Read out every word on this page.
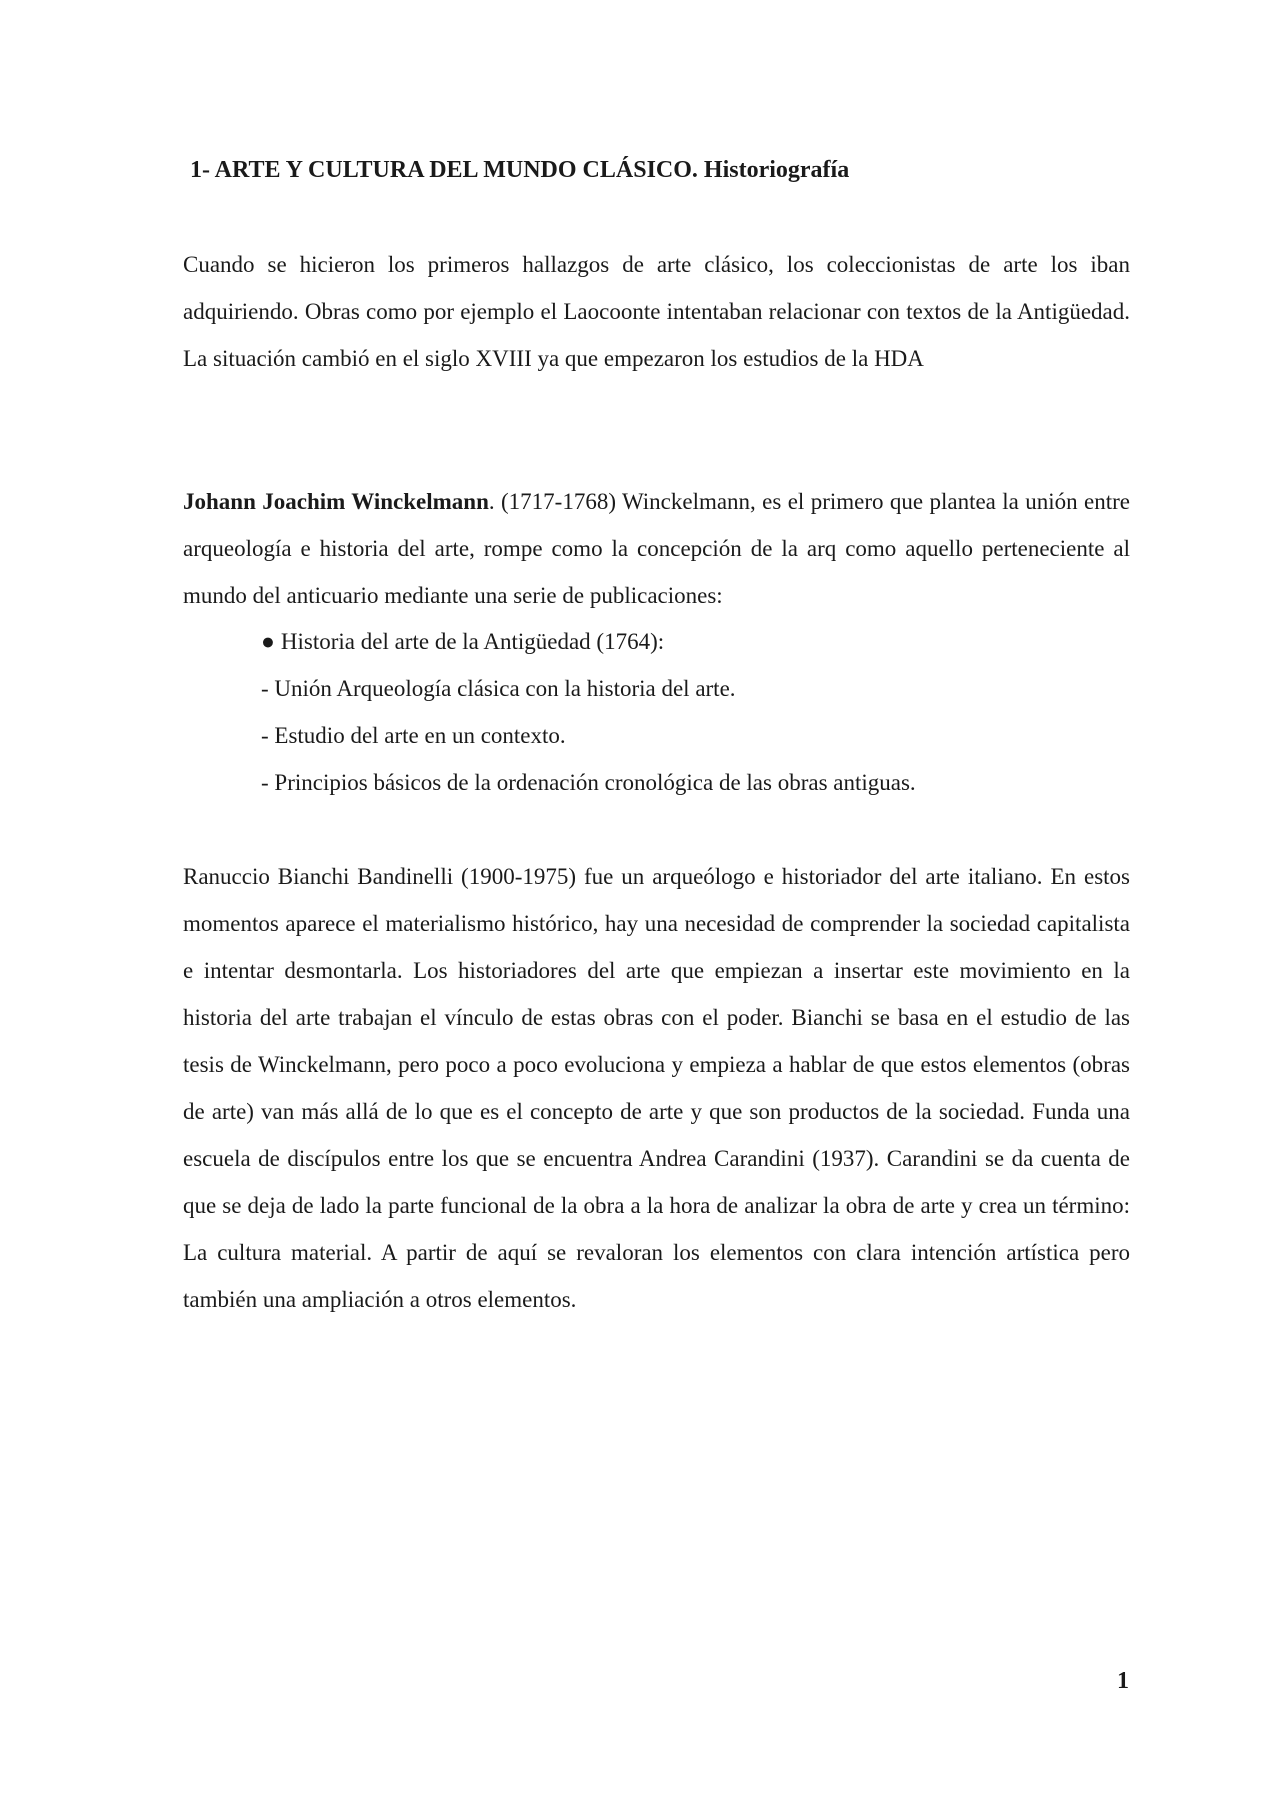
1- ARTE Y CULTURA DEL MUNDO CLÁSICO. Historiografía

Cuando se hicieron los primeros hallazgos de arte clásico, los coleccionistas de arte los iban adquiriendo. Obras como por ejemplo el Laocoonte intentaban relacionar con textos de la Antigüedad. La situación cambió en el siglo XVIII ya que empezaron los estudios de la HDA

Johann Joachim Winckelmann. (1717-1768) Winckelmann, es el primero que plantea la unión entre arqueología e historia del arte, rompe como la concepción de la arq como aquello perteneciente al mundo del anticuario mediante una serie de publicaciones:

● Historia del arte de la Antigüedad (1764):
- Unión Arqueología clásica con la historia del arte.
- Estudio del arte en un contexto.
- Principios básicos de la ordenación cronológica de las obras antiguas.

Ranuccio Bianchi Bandinelli (1900-1975) fue un arqueólogo e historiador del arte italiano. En estos momentos aparece el materialismo histórico, hay una necesidad de comprender la sociedad capitalista e intentar desmontarla. Los historiadores del arte que empiezan a insertar este movimiento en la historia del arte trabajan el vínculo de estas obras con el poder. Bianchi se basa en el estudio de las tesis de Winckelmann, pero poco a poco evoluciona y empieza a hablar de que estos elementos (obras de arte) van más allá de lo que es el concepto de arte y que son productos de la sociedad. Funda una escuela de discípulos entre los que se encuentra Andrea Carandini (1937). Carandini se da cuenta de que se deja de lado la parte funcional de la obra a la hora de analizar la obra de arte y crea un término: La cultura material. A partir de aquí se revaloran los elementos con clara intención artística pero también una ampliación a otros elementos.

1
